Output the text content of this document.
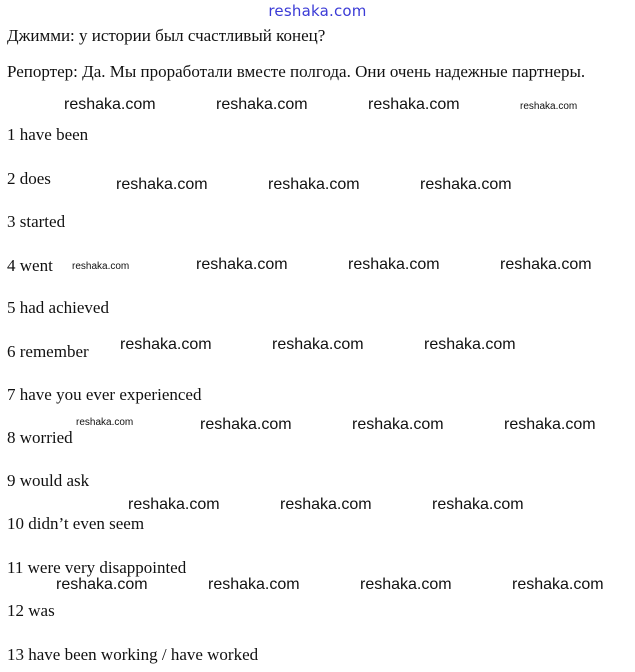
reshaka.com
Джимми: у истории был счастливый конец?
Репортер: Да. Мы проработали вместе полгода. Они очень надежные партнеры.
1 have been
2 does
3 started
4 went
5 had achieved
6 remember
7 have you ever experienced
8 worried
9 would ask
10 didn’t even seem
11 were very disappointed
12 was
13 have been working / have worked
reshaka.com	reshaka.com	reshaka.com	reshaka.com
reshaka.com	reshaka.com	reshaka.com
reshaka.com	reshaka.com	reshaka.com	reshaka.com
reshaka.com	reshaka.com	reshaka.com
reshaka.com	reshaka.com	reshaka.com	reshaka.com
reshaka.com	reshaka.com	reshaka.com
reshaka.com	reshaka.com	reshaka.com	reshaka.com
